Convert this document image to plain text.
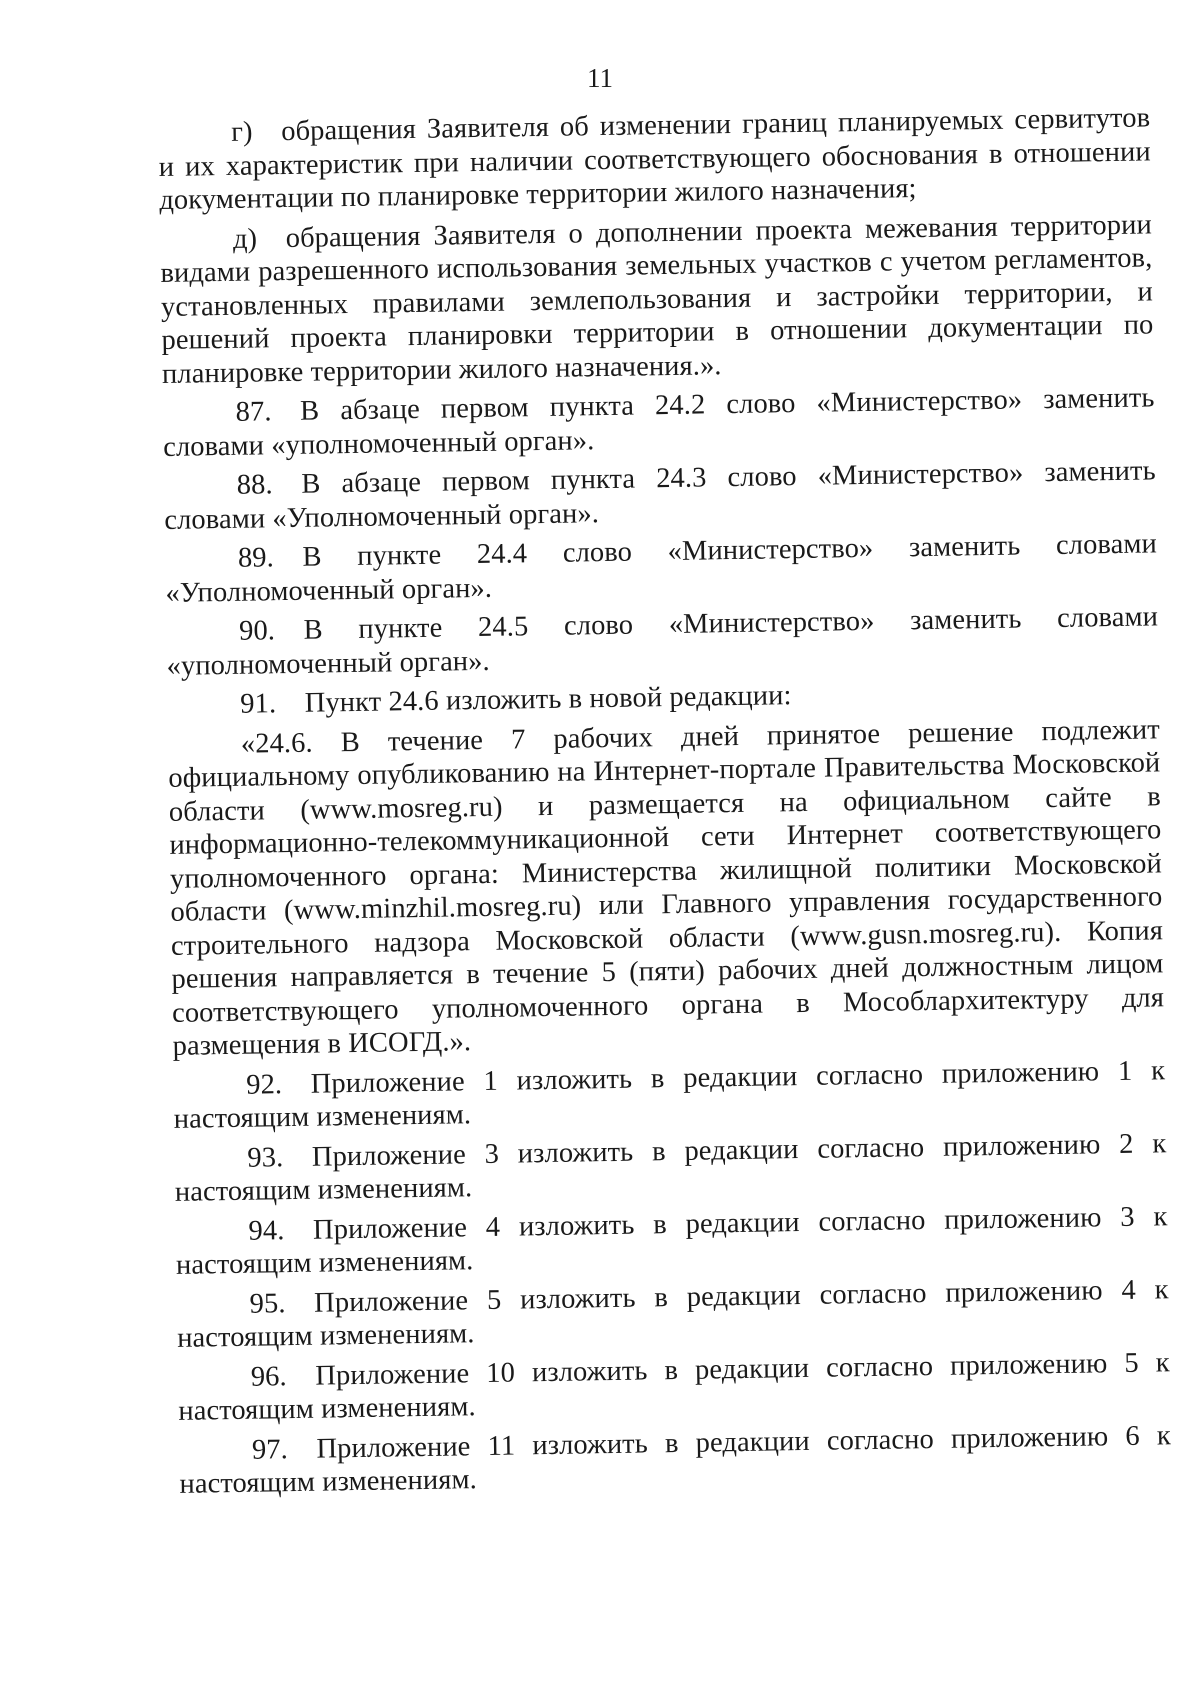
11

г) обращения Заявителя об изменении границ планируемых сервитутов и их характеристик при наличии соответствующего обоснования в отношении документации по планировке территории жилого назначения;

д) обращения Заявителя о дополнении проекта межевания территории видами разрешенного использования земельных участков с учетом регламентов, установленных правилами землепользования и застройки территории, и решений проекта планировки территории в отношении документации по планировке территории жилого назначения.».

87. В абзаце первом пункта 24.2 слово «Министерство» заменить словами «уполномоченный орган».

88. В абзаце первом пункта 24.3 слово «Министерство» заменить словами «Уполномоченный орган».

89. В пункте 24.4 слово «Министерство» заменить словами «Уполномоченный орган».

90. В пункте 24.5 слово «Министерство» заменить словами «уполномоченный орган».

91. Пункт 24.6 изложить в новой редакции:

«24.6. В течение 7 рабочих дней принятое решение подлежит официальному опубликованию на Интернет-портале Правительства Московской области (www.mosreg.ru) и размещается на официальном сайте в информационно-телекоммуникационной сети Интернет соответствующего уполномоченного органа: Министерства жилищной политики Московской области (www.minzhil.mosreg.ru) или Главного управления государственного строительного надзора Московской области (www.gusn.mosreg.ru). Копия решения направляется в течение 5 (пяти) рабочих дней должностным лицом соответствующего уполномоченного органа в Мособлархитектуру для размещения в ИСОГД.».

92. Приложение 1 изложить в редакции согласно приложению 1 к настоящим изменениям.

93. Приложение 3 изложить в редакции согласно приложению 2 к настоящим изменениям.

94. Приложение 4 изложить в редакции согласно приложению 3 к настоящим изменениям.

95. Приложение 5 изложить в редакции согласно приложению 4 к настоящим изменениям.

96. Приложение 10 изложить в редакции согласно приложению 5 к настоящим изменениям.

97. Приложение 11 изложить в редакции согласно приложению 6 к настоящим изменениям.
